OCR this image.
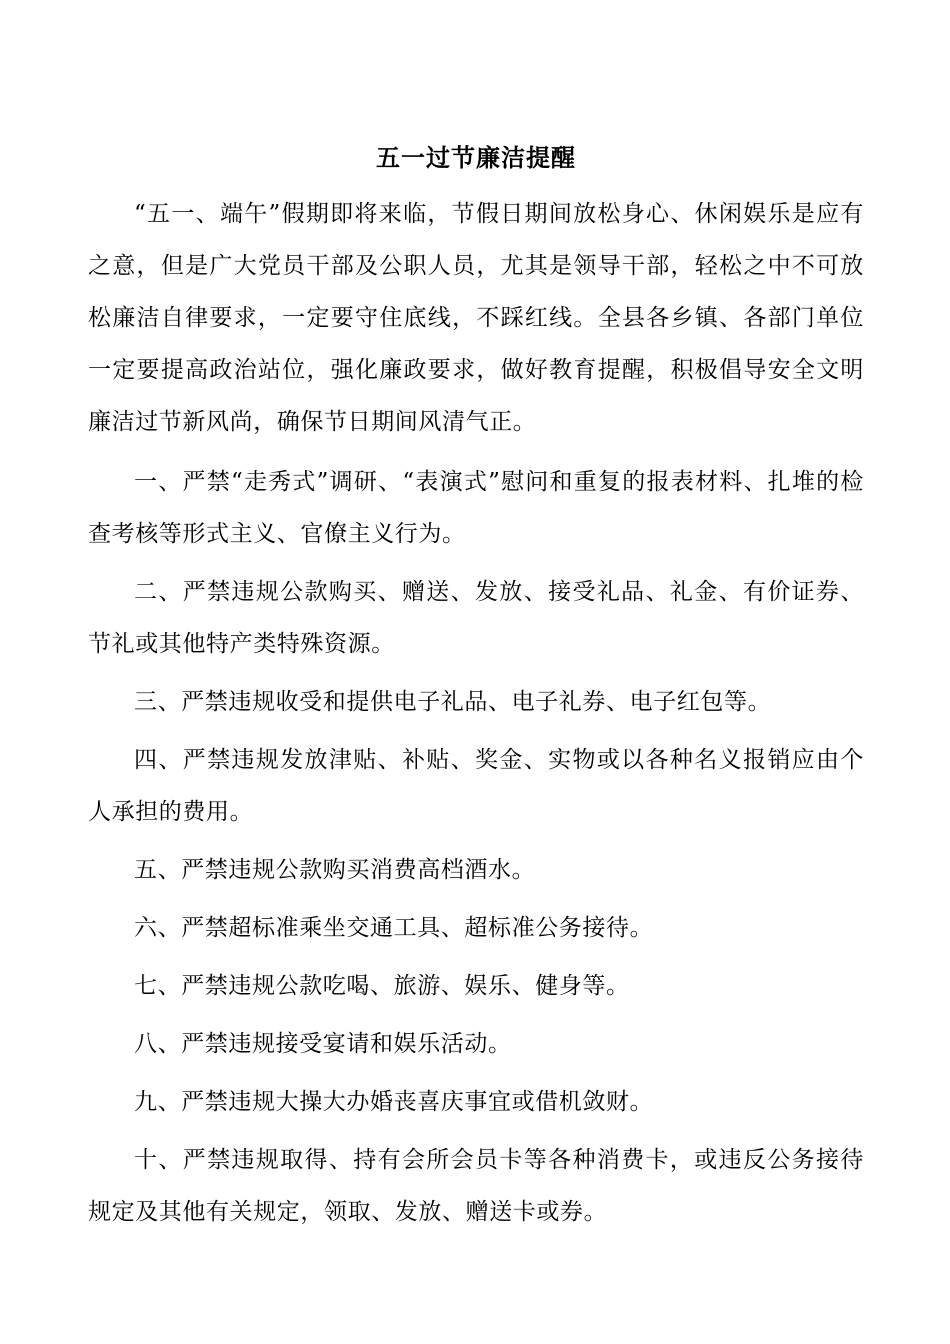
五一过节廉洁提醒

“五一、端午”假期即将来临，节假日期间放松身心、休闲娱乐是应有之意，但是广大党员干部及公职人员，尤其是领导干部，轻松之中不可放松廉洁自律要求，一定要守住底线，不踩红线。全县各乡镇、各部门单位一定要提高政治站位，强化廉政要求，做好教育提醒，积极倡导安全文明廉洁过节新风尚，确保节日期间风清气正。

一、严禁“走秀式”调研、“表演式”慰问和重复的报表材料、扎堆的检查考核等形式主义、官僚主义行为。

二、严禁违规公款购买、赠送、发放、接受礼品、礼金、有价证券、节礼或其他特产类特殊资源。

三、严禁违规收受和提供电子礼品、电子礼券、电子红包等。

四、严禁违规发放津贴、补贴、奖金、实物或以各种名义报销应由个人承担的费用。

五、严禁违规公款购买消费高档酒水。

六、严禁超标准乘坐交通工具、超标准公务接待。

七、严禁违规公款吃喝、旅游、娱乐、健身等。

八、严禁违规接受宴请和娱乐活动。

九、严禁违规大操大办婚丧喜庆事宜或借机敛财。

十、严禁违规取得、持有会所会员卡等各种消费卡，或违反公务接待规定及其他有关规定，领取、发放、赠送卡或券。
